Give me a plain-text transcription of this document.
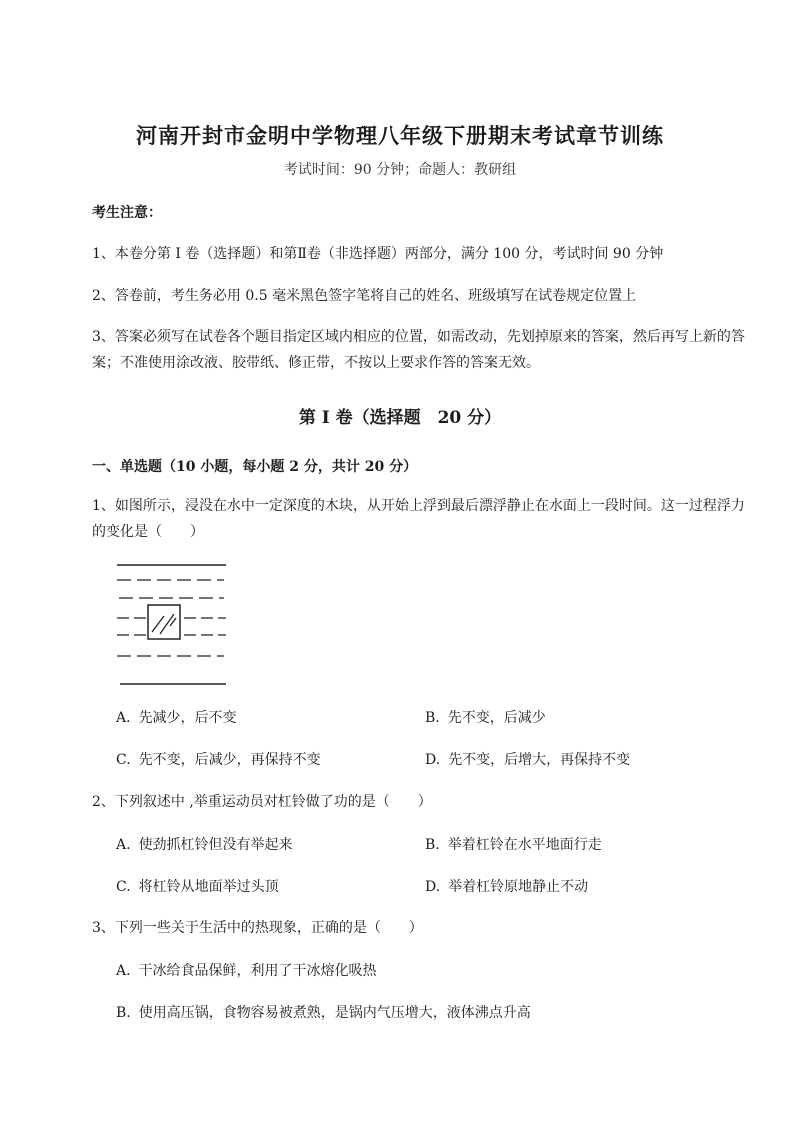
河南开封市金明中学物理八年级下册期末考试章节训练
考试时间：90 分钟；命题人：教研组
考生注意：
1、本卷分第 I 卷（选择题）和第Ⅱ卷（非选择题）两部分，满分 100 分，考试时间 90 分钟
2、答卷前，考生务必用 0.5 毫米黑色签字笔将自己的姓名、班级填写在试卷规定位置上
3、答案必须写在试卷各个题目指定区域内相应的位置，如需改动，先划掉原来的答案，然后再写上新的答案；不准使用涂改液、胶带纸、修正带，不按以上要求作答的答案无效。
第 I 卷（选择题　20 分）
一、单选题（10 小题，每小题 2 分，共计 20 分）
1、如图所示，浸没在水中一定深度的木块，从开始上浮到最后漂浮静止在水面上一段时间。这一过程浮力的变化是（　　）
A. 先减少，后不变	B. 先不变，后减少
C. 先不变，后减少，再保持不变	D. 先不变，后增大，再保持不变
2、下列叙述中 ,举重运动员对杠铃做了功的是（　　）
A. 使劲抓杠铃但没有举起来	B. 举着杠铃在水平地面行走
C. 将杠铃从地面举过头顶	D. 举着杠铃原地静止不动
3、下列一些关于生活中的热现象，正确的是（　　）
A. 干冰给食品保鲜，利用了干冰熔化吸热
B. 使用高压锅，食物容易被煮熟，是锅内气压增大，液体沸点升高
